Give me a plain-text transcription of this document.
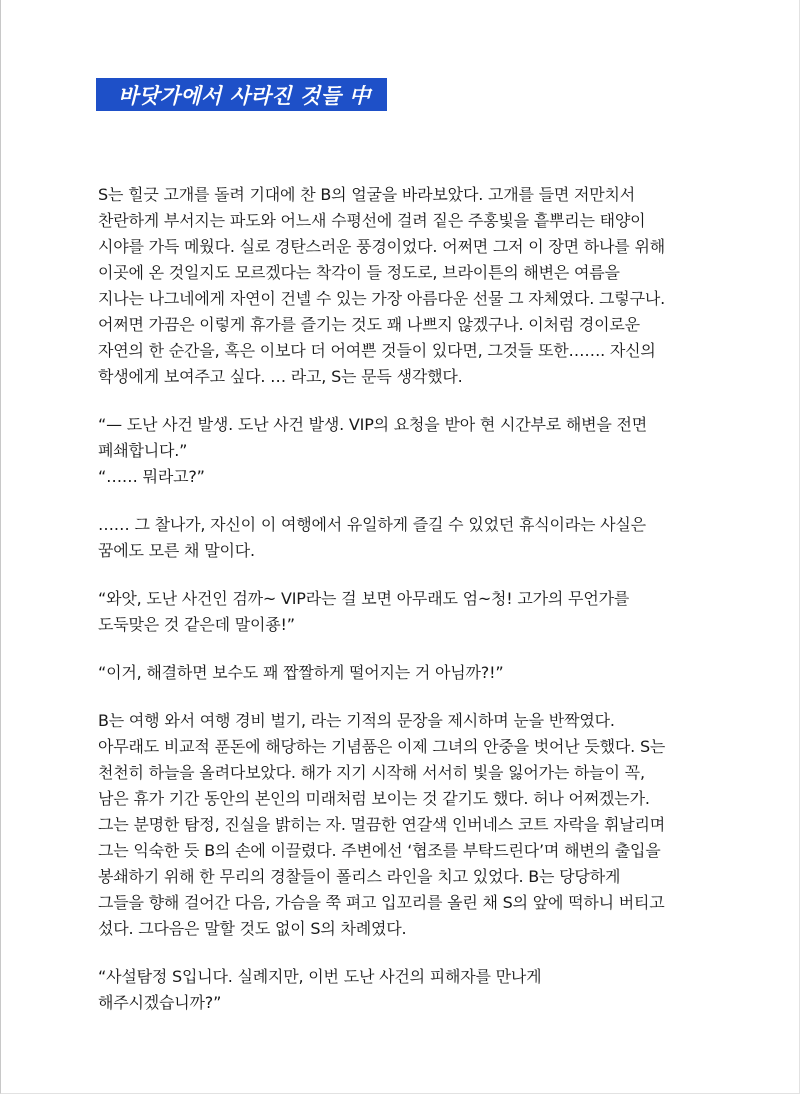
바닷가에서 사라진 것들 中
S는 힐긋 고개를 돌려 기대에 찬 B의 얼굴을 바라보았다. 고개를 들면 저만치서
찬란하게 부서지는 파도와 어느새 수평선에 걸려 짙은 주홍빛을 흩뿌리는 태양이
시야를 가득 메웠다. 실로 경탄스러운 풍경이었다. 어쩌면 그저 이 장면 하나를 위해
이곳에 온 것일지도 모르겠다는 착각이 들 정도로, 브라이튼의 해변은 여름을
지나는 나그네에게 자연이 건넬 수 있는 가장 아름다운 선물 그 자체였다. 그렇구나.
어쩌면 가끔은 이렇게 휴가를 즐기는 것도 꽤 나쁘지 않겠구나. 이처럼 경이로운
자연의 한 순간을, 혹은 이보다 더 어여쁜 것들이 있다면, 그것들 또한……. 자신의
학생에게 보여주고 싶다. … 라고, S는 문득 생각했다.
“— 도난 사건 발생. 도난 사건 발생. VIP의 요청을 받아 현 시간부로 해변을 전면
폐쇄합니다.”
“…… 뭐라고?”
…… 그 찰나가, 자신이 이 여행에서 유일하게 즐길 수 있었던 휴식이라는 사실은
꿈에도 모른 채 말이다.
“와앗, 도난 사건인 검까~ VIP라는 걸 보면 아무래도 엄~청! 고가의 무언가를
도둑맞은 것 같은데 말이죵!”
“이거, 해결하면 보수도 꽤 짭짤하게 떨어지는 거 아님까?!”
B는 여행 와서 여행 경비 벌기, 라는 기적의 문장을 제시하며 눈을 반짝였다.
아무래도 비교적 푼돈에 해당하는 기념품은 이제 그녀의 안중을 벗어난 듯했다. S는
천천히 하늘을 올려다보았다. 해가 지기 시작해 서서히 빛을 잃어가는 하늘이 꼭,
남은 휴가 기간 동안의 본인의 미래처럼 보이는 것 같기도 했다. 허나 어쩌겠는가.
그는 분명한 탐정, 진실을 밝히는 자. 멀끔한 연갈색 인버네스 코트 자락을 휘날리며
그는 익숙한 듯 B의 손에 이끌렸다. 주변에선 ‘협조를 부탁드린다’며 해변의 출입을
봉쇄하기 위해 한 무리의 경찰들이 폴리스 라인을 치고 있었다. B는 당당하게
그들을 향해 걸어간 다음, 가슴을 쭉 펴고 입꼬리를 올린 채 S의 앞에 떡하니 버티고
섰다. 그다음은 말할 것도 없이 S의 차례였다.
“사설탐정 S입니다. 실례지만, 이번 도난 사건의 피해자를 만나게
해주시겠습니까?”
